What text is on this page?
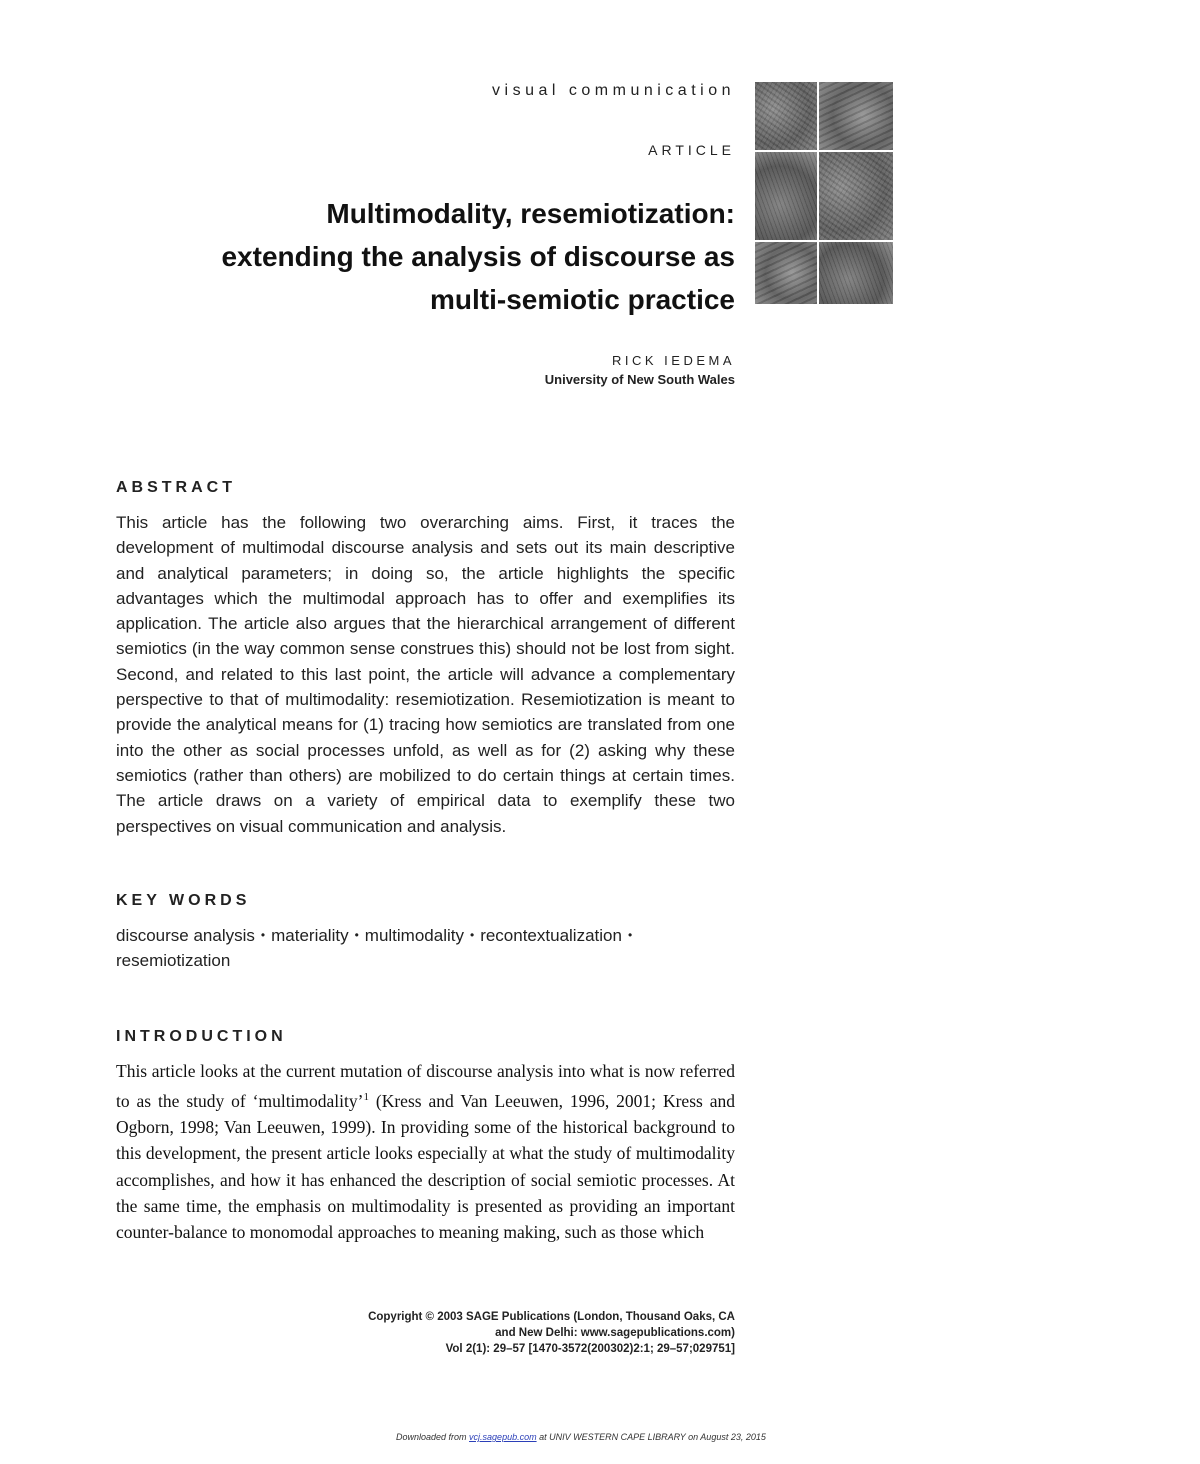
visual communication
ARTICLE
Multimodality, resemiotization:
extending the analysis of discourse as
multi-semiotic practice
RICK IEDEMA
University of New South Wales
ABSTRACT

This article has the following two overarching aims. First, it traces the development of multimodal discourse analysis and sets out its main descriptive and analytical parameters; in doing so, the article highlights the specific advantages which the multimodal approach has to offer and exemplifies its application. The article also argues that the hierarchical arrangement of different semiotics (in the way common sense construes this) should not be lost from sight. Second, and related to this last point, the article will advance a complementary perspective to that of multimodality: resemiotization. Resemiotization is meant to provide the analytical means for (1) tracing how semiotics are translated from one into the other as social processes unfold, as well as for (2) asking why these semiotics (rather than others) are mobilized to do certain things at certain times. The article draws on a variety of empirical data to exemplify these two perspectives on visual communication and analysis.

KEY WORDS
discourse analysis • materiality • multimodality • recontextualization •
resemiotization
INTRODUCTION

This article looks at the current mutation of discourse analysis into what is now referred to as the study of ‘multimodality’$^1$ (Kress and Van Leeuwen, 1996, 2001; Kress and Ogborn, 1998; Van Leeuwen, 1999). In providing some of the historical background to this development, the present article looks especially at what the study of multimodality accomplishes, and how it has enhanced the description of social semiotic processes. At the same time, the emphasis on multimodality is presented as providing an important counter-balance to monomodal approaches to meaning making, such as those which

Copyright © 2003 SAGE Publications (London, Thousand Oaks, CA
and New Delhi: www.sagepublications.com)
Vol 2(1): 29–57 [1470-3572(200302)2:1; 29–57;029751]
Downloaded from vcj.sagepub.com at UNIV WESTERN CAPE LIBRARY on August 23, 2015
